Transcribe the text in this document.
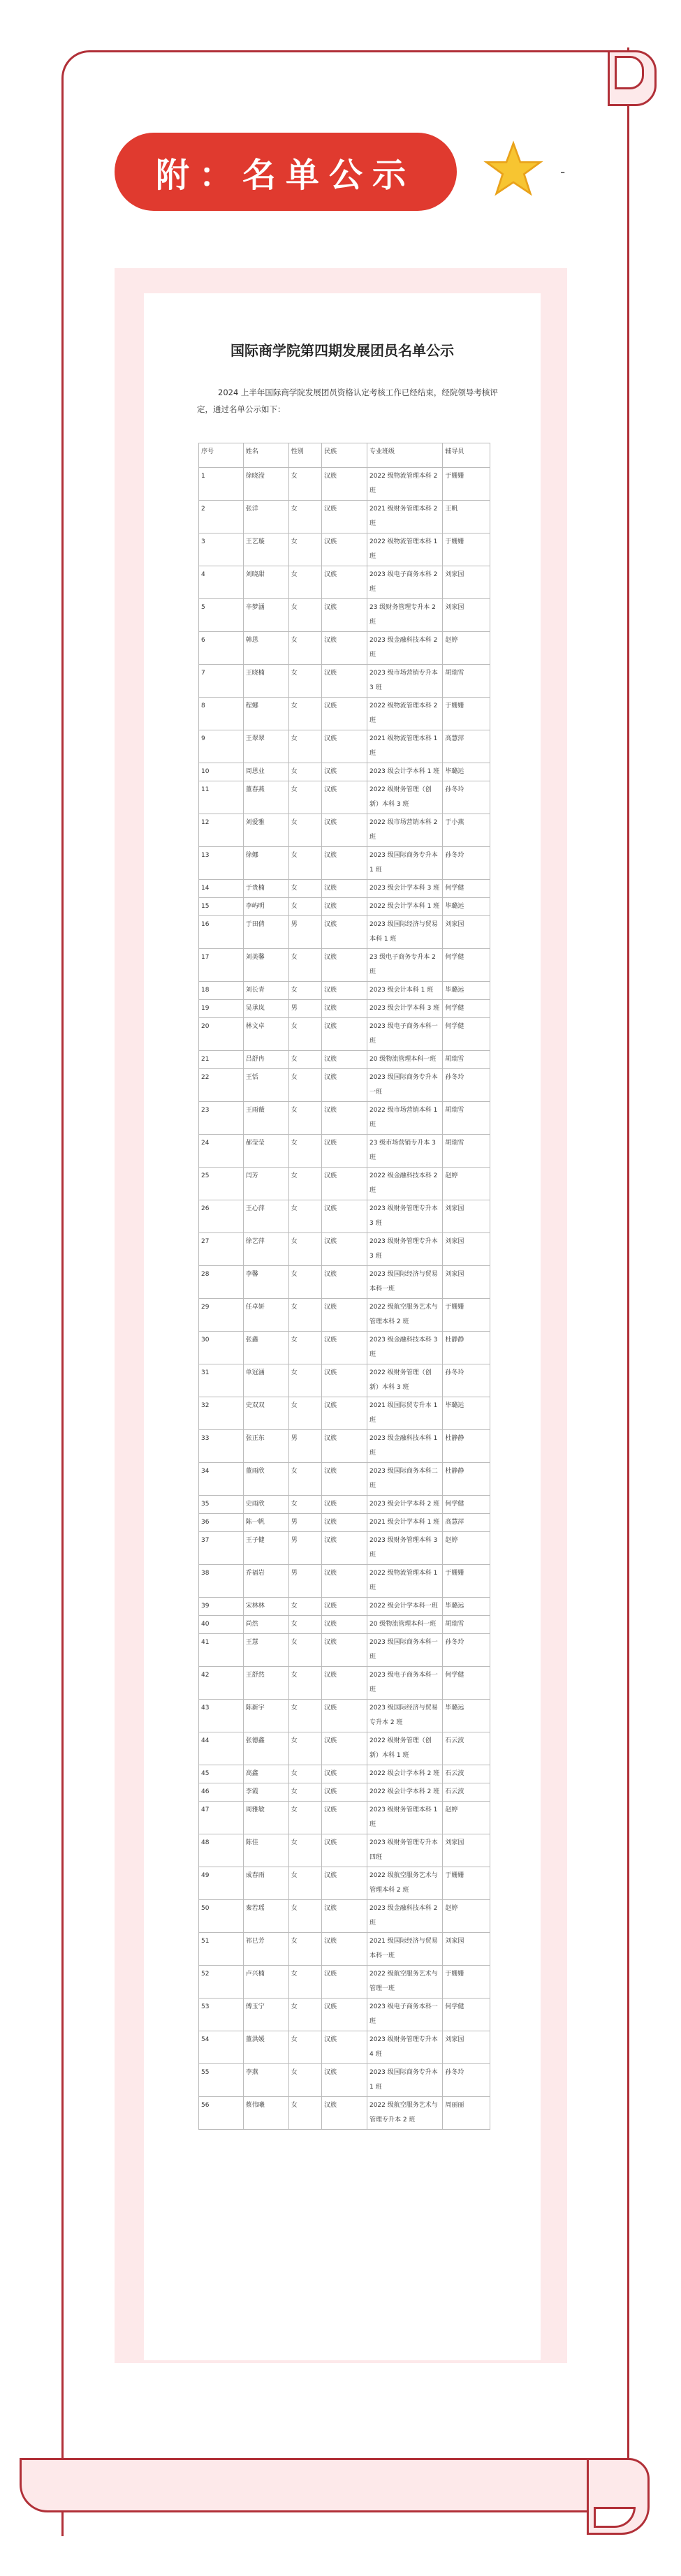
附：名单公示	-
国际商学院第四期发展团员名单公示
2024 上半年国际商学院发展团员资格认定考核工作已经结束，经院领导考核评定，通过名单公示如下：
序号	姓名	性别	民族	专业班级	辅导员
1	徐晓滢	女	汉族	2022 级物流管理本科 2 班	于姗姗
2	张洋	女	汉族	2021 级财务管理本科 2 班	王帆
3	王艺璇	女	汉族	2022 级物流管理本科 1 班	于姗姗
4	刘晓甜	女	汉族	2023 级电子商务本科 2 班	刘家园
5	辛梦涵	女	汉族	23 级财务管理专升本 2 班	刘家园
6	韩思	女	汉族	2023 级金融科技本科 2 班	赵婷
7	王晓楠	女	汉族	2023 级市场营销专升本 3 班	胡瑞雪
8	程娜	女	汉族	2022 级物流管理本科 2 班	于姗姗
9	王翠翠	女	汉族	2021 级物流管理本科 1 班	高慧萍
10	周思业	女	汉族	2023 级会计学本科 1 班	毕璐远
11	董春燕	女	汉族	2022 级财务管理（创新）本科 3 班	孙冬玲
12	刘爱雅	女	汉族	2022 级市场营销本科 2 班	于小燕
13	徐娜	女	汉族	2023 级国际商务专升本 1 班	孙冬玲
14	于贵楠	女	汉族	2023 级会计学本科 3 班	何学健
15	李屿明	女	汉族	2022 级会计学本科 1 班	毕璐远
16	于田倩	男	汉族	2023 级国际经济与贸易本科 1 班	刘家园
17	刘美馨	女	汉族	23 级电子商务专升本 2 班	何学健
18	刘长青	女	汉族	2023 级会计本科 1 班	毕璐远
19	吴承岚	男	汉族	2023 级会计学本科 3 班	何学健
20	林文卓	女	汉族	2023 级电子商务本科一班	何学健
21	吕舒冉	女	汉族	20 级物流管理本科一班	胡瑞雪
22	王恬	女	汉族	2023 级国际商务专升本一班	孙冬玲
23	王雨薇	女	汉族	2022 级市场营销本科 1 班	胡瑞雪
24	郝莹莹	女	汉族	23 级市场营销专升本 3 班	胡瑞雪
25	闫芳	女	汉族	2022 级金融科技本科 2 班	赵婷
26	王心萍	女	汉族	2023 级财务管理专升本 3 班	刘家园
27	徐艺萍	女	汉族	2023 级财务管理专升本 3 班	刘家园
28	李馨	女	汉族	2023 级国际经济与贸易本科一班	刘家园
29	任卓妍	女	汉族	2022 级航空服务艺术与管理本科 2 班	于姗姗
30	张鑫	女	汉族	2023 级金融科技本科 3 班	杜静静
31	单冠涵	女	汉族	2022 级财务管理（创新）本科 3 班	孙冬玲
32	史双双	女	汉族	2021 级国际贸专升本 1 班	毕璐远
33	张正东	男	汉族	2023 级金融科技本科 1 班	杜静静
34	董雨欣	女	汉族	2023 级国际商务本科二班	杜静静
35	史雨欣	女	汉族	2023 级会计学本科 2 班	何学健
36	陈一帆	男	汉族	2021 级会计学本科 1 班	高慧萍
37	王子健	男	汉族	2023 级财务管理本科 3 班	赵婷
38	乔福岩	男	汉族	2022 级物流管理本科 1 班	于姗姗
39	宋林林	女	汉族	2022 级会计学本科一班	毕璐远
40	尚然	女	汉族	20 级物流管理本科一班	胡瑞雪
41	王慧	女	汉族	2023 级国际商务本科一班	孙冬玲
42	王舒然	女	汉族	2023 级电子商务本科一班	何学健
43	陈新宇	女	汉族	2023 级国际经济与贸易专升本 2 班	毕璐远
44	张德鑫	女	汉族	2022 级财务管理（创新）本科 1 班	石云波
45	高鑫	女	汉族	2022 级会计学本科 2 班	石云波
46	李霞	女	汉族	2022 级会计学本科 2 班	石云波
47	周雅敏	女	汉族	2023 级财务管理本科 1 班	赵婷
48	陈佳	女	汉族	2023 级财务管理专升本四班	刘家园
49	成春雨	女	汉族	2022 级航空服务艺术与管理本科 2 班	于姗姗
50	秦若瑶	女	汉族	2023 级金融科技本科 2 班	赵婷
51	祁巳芳	女	汉族	2021 级国际经济与贸易本科一班	刘家园
52	卢兴楠	女	汉族	2022 级航空服务艺术与管理一班	于姗姗
53	傅玉宁	女	汉族	2023 级电子商务本科一班	何学健
54	董洪媛	女	汉族	2023 级财务管理专升本 4 班	刘家园
55	李燕	女	汉族	2023 级国际商务专升本 1 班	孙冬玲
56	蔡伟曦	女	汉族	2022 级航空服务艺术与管理专升本 2 班	周丽丽
